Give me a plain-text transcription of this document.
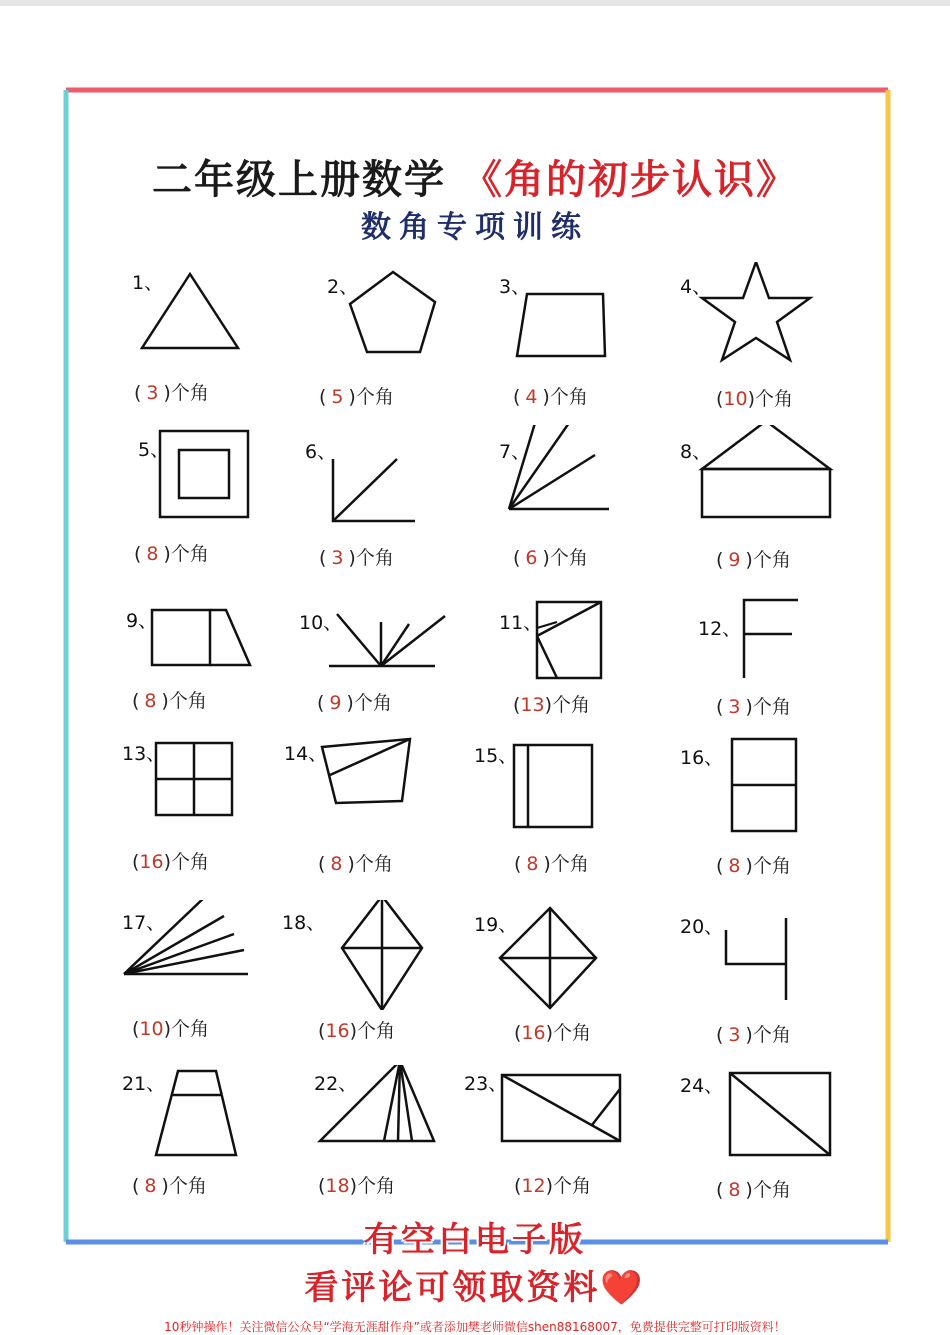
二年级上册数学 《角的初步认识》
数角专项训练
1、
( 3 )个角
2、
( 5 )个角
3、
( 4 )个角
4、
(10)个角
5、
( 8 )个角
6、
( 3 )个角
7、
( 6 )个角
8、
( 9 )个角
9、
( 8 )个角
10、
( 9 )个角
11、
(13)个角
12、
( 3 )个角
13、
(16)个角
14、
( 8 )个角
15、
( 8 )个角
16、
( 8 )个角
17、
(10)个角
18、
(16)个角
19、
(16)个角
20、
( 3 )个角
21、
( 8 )个角
22、
(18)个角
23、
(12)个角
24、
( 8 )个角
有空白电子版
看评论可领取资料❤️
10秒钟操作！关注微信公众号“学海无涯甜作舟”或者添加樊老师微信shen88168007，免费提供完整可打印版资料！
